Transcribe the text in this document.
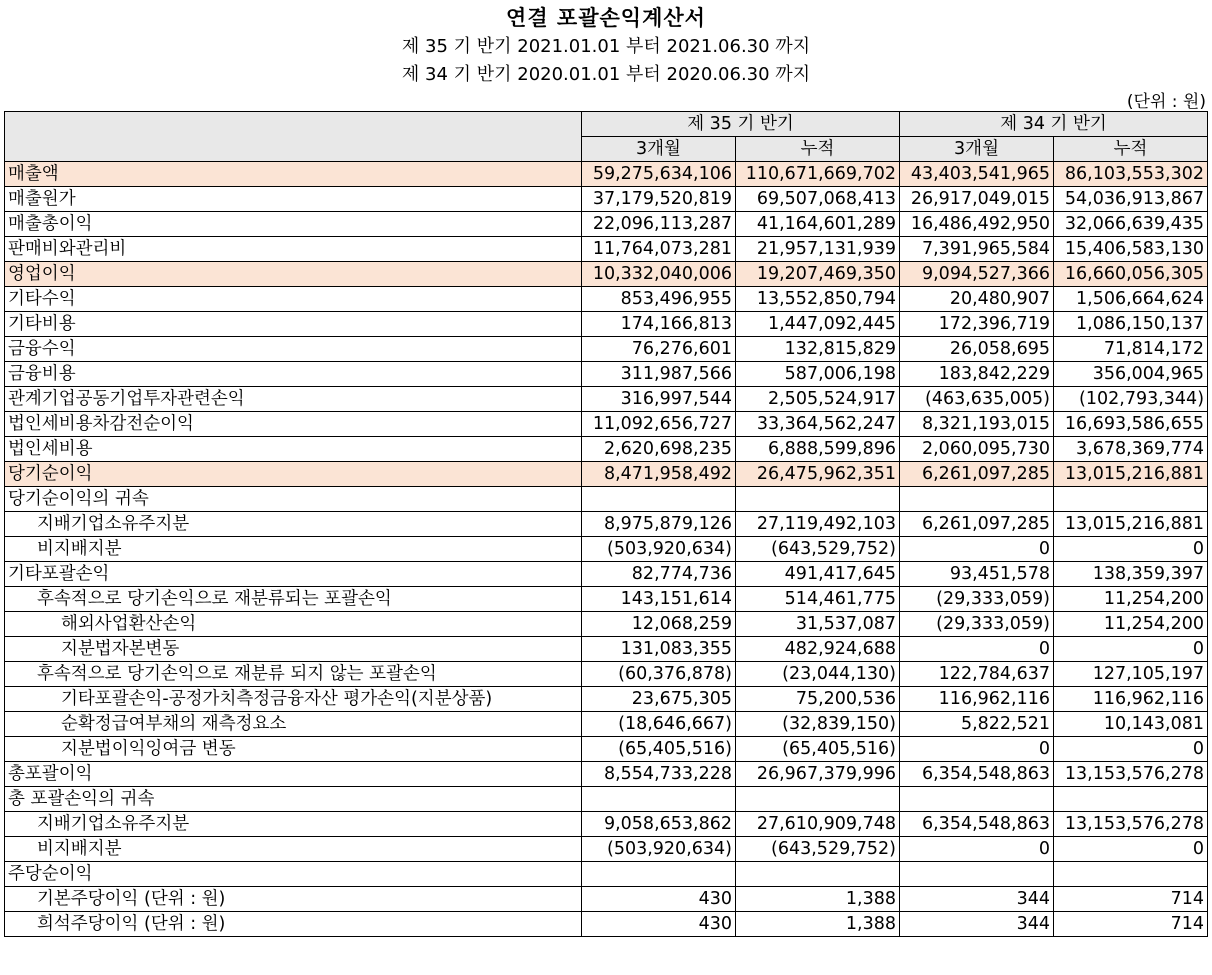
연결 포괄손익계산서
제 35 기 반기 2021.01.01 부터 2021.06.30 까지
제 34 기 반기 2020.01.01 부터 2020.06.30 까지
(단위 : 원)
	제 35 기 반기		제 34 기 반기	
	3개월	누적	3개월	누적
매출액	59,275,634,106	110,671,669,702	43,403,541,965	86,103,553,302
매출원가	37,179,520,819	69,507,068,413	26,917,049,015	54,036,913,867
매출총이익	22,096,113,287	41,164,601,289	16,486,492,950	32,066,639,435
판매비와관리비	11,764,073,281	21,957,131,939	7,391,965,584	15,406,583,130
영업이익	10,332,040,006	19,207,469,350	9,094,527,366	16,660,056,305
기타수익	853,496,955	13,552,850,794	20,480,907	1,506,664,624
기타비용	174,166,813	1,447,092,445	172,396,719	1,086,150,137
금융수익	76,276,601	132,815,829	26,058,695	71,814,172
금융비용	311,987,566	587,006,198	183,842,229	356,004,965
관계기업공동기업투자관련손익	316,997,544	2,505,524,917	(463,635,005)	(102,793,344)
법인세비용차감전순이익	11,092,656,727	33,364,562,247	8,321,193,015	16,693,586,655
법인세비용	2,620,698,235	6,888,599,896	2,060,095,730	3,678,369,774
당기순이익	8,471,958,492	26,475,962,351	6,261,097,285	13,015,216,881
당기순이익의 귀속				
지배기업소유주지분	8,975,879,126	27,119,492,103	6,261,097,285	13,015,216,881
비지배지분	(503,920,634)	(643,529,752)	0	0
기타포괄손익	82,774,736	491,417,645	93,451,578	138,359,397
후속적으로 당기손익으로 재분류되는 포괄손익	143,151,614	514,461,775	(29,333,059)	11,254,200
해외사업환산손익	12,068,259	31,537,087	(29,333,059)	11,254,200
지분법자본변동	131,083,355	482,924,688	0	0
후속적으로 당기손익으로 재분류 되지 않는 포괄손익	(60,376,878)	(23,044,130)	122,784,637	127,105,197
기타포괄손익-공정가치측정금융자산 평가손익(지분상품)	23,675,305	75,200,536	116,962,116	116,962,116
순확정급여부채의 재측정요소	(18,646,667)	(32,839,150)	5,822,521	10,143,081
지분법이익잉여금 변동	(65,405,516)	(65,405,516)	0	0
총포괄이익	8,554,733,228	26,967,379,996	6,354,548,863	13,153,576,278
총 포괄손익의 귀속				
지배기업소유주지분	9,058,653,862	27,610,909,748	6,354,548,863	13,153,576,278
비지배지분	(503,920,634)	(643,529,752)	0	0
주당순이익				
기본주당이익 (단위 : 원)	430	1,388	344	714
희석주당이익 (단위 : 원)	430	1,388	344	714
